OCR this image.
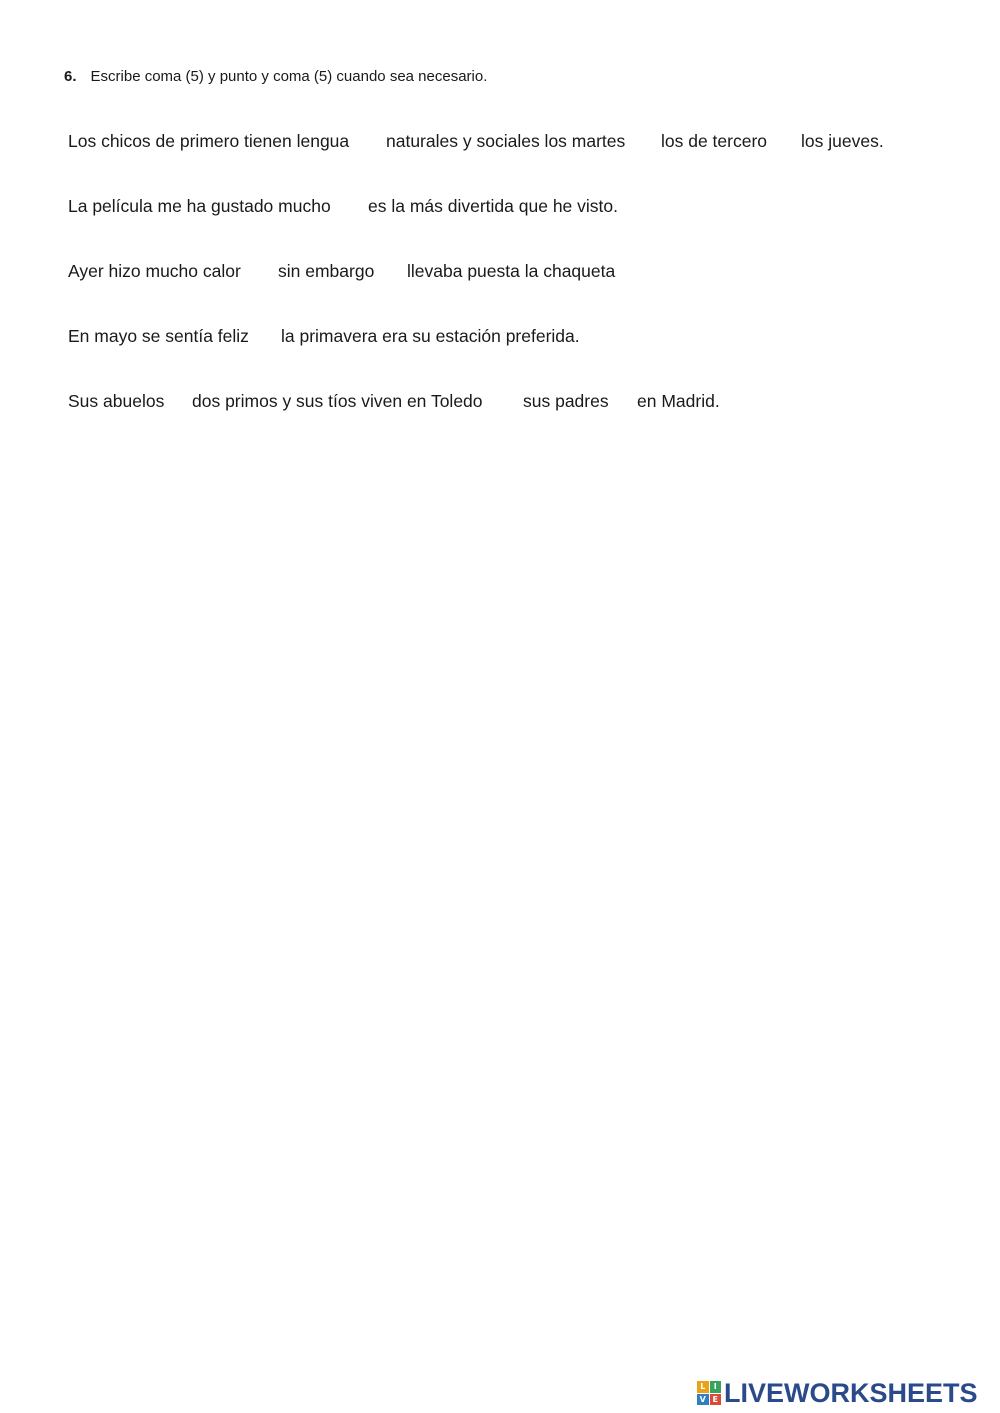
6. Escribe coma (5) y punto y coma (5) cuando sea necesario.
Los chicos de primero tienen lengua naturales y sociales los martes los de tercero los jueves.
La película me ha gustado mucho es la más divertida que he visto.
Ayer hizo mucho calor sin embargo llevaba puesta la chaqueta
En mayo se sentía feliz la primavera era su estación preferida.
Sus abuelos dos primos y sus tíos viven en Toledo sus padres en Madrid.
L	I
V E LIVEWORKSHEETS
